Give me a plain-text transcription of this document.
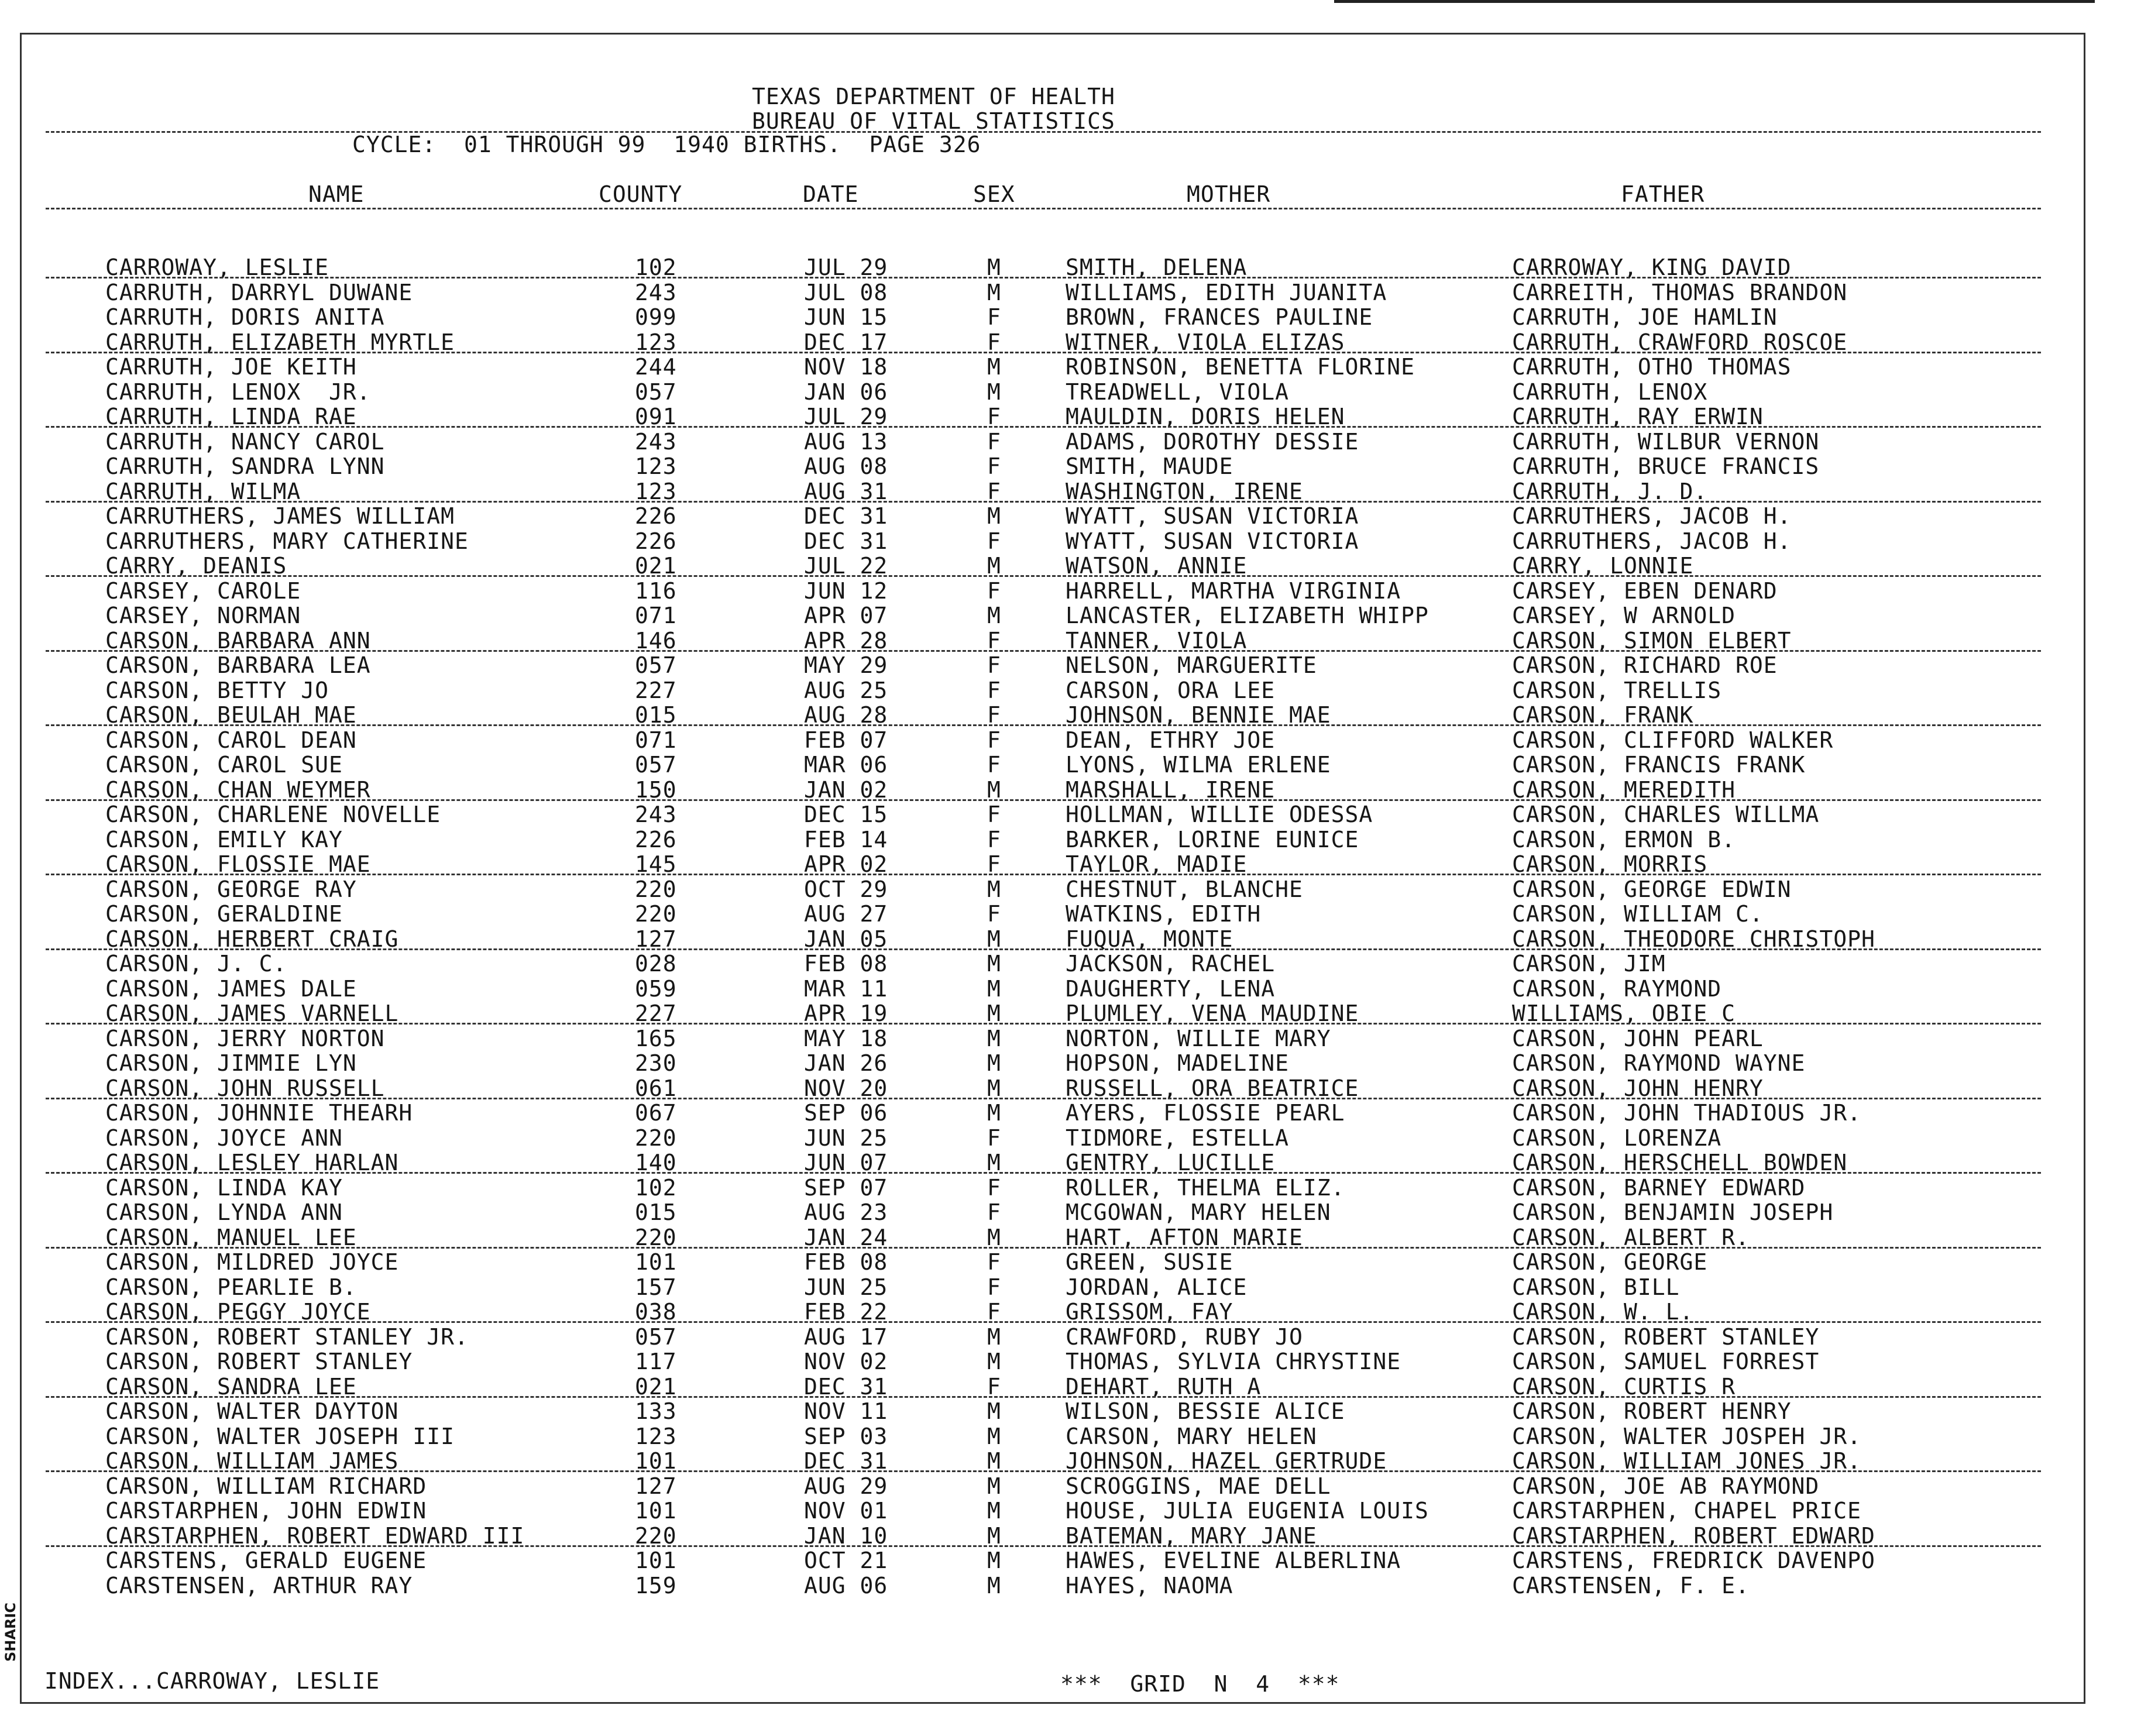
SHARIC
TEXAS DEPARTMENT OF HEALTH
BUREAU OF VITAL STATISTICS
CYCLE:  01 THROUGH 99  1940 BIRTHS.  PAGE 326
NAME	COUNTY	DATE	SEX	MOTHER	FATHER
CARROWAY, LESLIE	102	JUL 29	M	SMITH, DELENA	CARROWAY, KING DAVID
CARRUTH, DARRYL DUWANE	243	JUL 08	M	WILLIAMS, EDITH JUANITA	CARREITH, THOMAS BRANDON
CARRUTH, DORIS ANITA	099	JUN 15	F	BROWN, FRANCES PAULINE	CARRUTH, JOE HAMLIN
CARRUTH, ELIZABETH MYRTLE	123	DEC 17	F	WITNER, VIOLA ELIZAS	CARRUTH, CRAWFORD ROSCOE
CARRUTH, JOE KEITH	244	NOV 18	M	ROBINSON, BENETTA FLORINE	CARRUTH, OTHO THOMAS
CARRUTH, LENOX  JR.	057	JAN 06	M	TREADWELL, VIOLA	CARRUTH, LENOX
CARRUTH, LINDA RAE	091	JUL 29	F	MAULDIN, DORIS HELEN	CARRUTH, RAY ERWIN
CARRUTH, NANCY CAROL	243	AUG 13	F	ADAMS, DOROTHY DESSIE	CARRUTH, WILBUR VERNON
CARRUTH, SANDRA LYNN	123	AUG 08	F	SMITH, MAUDE	CARRUTH, BRUCE FRANCIS
CARRUTH, WILMA	123	AUG 31	F	WASHINGTON, IRENE	CARRUTH, J. D.
CARRUTHERS, JAMES WILLIAM	226	DEC 31	M	WYATT, SUSAN VICTORIA	CARRUTHERS, JACOB H.
CARRUTHERS, MARY CATHERINE	226	DEC 31	F	WYATT, SUSAN VICTORIA	CARRUTHERS, JACOB H.
CARRY, DEANIS	021	JUL 22	M	WATSON, ANNIE	CARRY, LONNIE
CARSEY, CAROLE	116	JUN 12	F	HARRELL, MARTHA VIRGINIA	CARSEY, EBEN DENARD
CARSEY, NORMAN	071	APR 07	M	LANCASTER, ELIZABETH WHIPP	CARSEY, W ARNOLD
CARSON, BARBARA ANN	146	APR 28	F	TANNER, VIOLA	CARSON, SIMON ELBERT
CARSON, BARBARA LEA	057	MAY 29	F	NELSON, MARGUERITE	CARSON, RICHARD ROE
CARSON, BETTY JO	227	AUG 25	F	CARSON, ORA LEE	CARSON, TRELLIS
CARSON, BEULAH MAE	015	AUG 28	F	JOHNSON, BENNIE MAE	CARSON, FRANK
CARSON, CAROL DEAN	071	FEB 07	F	DEAN, ETHRY JOE	CARSON, CLIFFORD WALKER
CARSON, CAROL SUE	057	MAR 06	F	LYONS, WILMA ERLENE	CARSON, FRANCIS FRANK
CARSON, CHAN WEYMER	150	JAN 02	M	MARSHALL, IRENE	CARSON, MEREDITH
CARSON, CHARLENE NOVELLE	243	DEC 15	F	HOLLMAN, WILLIE ODESSA	CARSON, CHARLES WILLMA
CARSON, EMILY KAY	226	FEB 14	F	BARKER, LORINE EUNICE	CARSON, ERMON B.
CARSON, FLOSSIE MAE	145	APR 02	F	TAYLOR, MADIE	CARSON, MORRIS
CARSON, GEORGE RAY	220	OCT 29	M	CHESTNUT, BLANCHE	CARSON, GEORGE EDWIN
CARSON, GERALDINE	220	AUG 27	F	WATKINS, EDITH	CARSON, WILLIAM C.
CARSON, HERBERT CRAIG	127	JAN 05	M	FUQUA, MONTE	CARSON, THEODORE CHRISTOPH
CARSON, J. C.	028	FEB 08	M	JACKSON, RACHEL	CARSON, JIM
CARSON, JAMES DALE	059	MAR 11	M	DAUGHERTY, LENA	CARSON, RAYMOND
CARSON, JAMES VARNELL	227	APR 19	M	PLUMLEY, VENA MAUDINE	WILLIAMS, OBIE C
CARSON, JERRY NORTON	165	MAY 18	M	NORTON, WILLIE MARY	CARSON, JOHN PEARL
CARSON, JIMMIE LYN	230	JAN 26	M	HOPSON, MADELINE	CARSON, RAYMOND WAYNE
CARSON, JOHN RUSSELL	061	NOV 20	M	RUSSELL, ORA BEATRICE	CARSON, JOHN HENRY
CARSON, JOHNNIE THEARH	067	SEP 06	M	AYERS, FLOSSIE PEARL	CARSON, JOHN THADIOUS JR.
CARSON, JOYCE ANN	220	JUN 25	F	TIDMORE, ESTELLA	CARSON, LORENZA
CARSON, LESLEY HARLAN	140	JUN 07	M	GENTRY, LUCILLE	CARSON, HERSCHELL BOWDEN
CARSON, LINDA KAY	102	SEP 07	F	ROLLER, THELMA ELIZ.	CARSON, BARNEY EDWARD
CARSON, LYNDA ANN	015	AUG 23	F	MCGOWAN, MARY HELEN	CARSON, BENJAMIN JOSEPH
CARSON, MANUEL LEE	220	JAN 24	M	HART, AFTON MARIE	CARSON, ALBERT R.
CARSON, MILDRED JOYCE	101	FEB 08	F	GREEN, SUSIE	CARSON, GEORGE
CARSON, PEARLIE B.	157	JUN 25	F	JORDAN, ALICE	CARSON, BILL
CARSON, PEGGY JOYCE	038	FEB 22	F	GRISSOM, FAY	CARSON, W. L.
CARSON, ROBERT STANLEY JR.	057	AUG 17	M	CRAWFORD, RUBY JO	CARSON, ROBERT STANLEY
CARSON, ROBERT STANLEY	117	NOV 02	M	THOMAS, SYLVIA CHRYSTINE	CARSON, SAMUEL FORREST
CARSON, SANDRA LEE	021	DEC 31	F	DEHART, RUTH A	CARSON, CURTIS R
CARSON, WALTER DAYTON	133	NOV 11	M	WILSON, BESSIE ALICE	CARSON, ROBERT HENRY
CARSON, WALTER JOSEPH III	123	SEP 03	M	CARSON, MARY HELEN	CARSON, WALTER JOSPEH JR.
CARSON, WILLIAM JAMES	101	DEC 31	M	JOHNSON, HAZEL GERTRUDE	CARSON, WILLIAM JONES JR.
CARSON, WILLIAM RICHARD	127	AUG 29	M	SCROGGINS, MAE DELL	CARSON, JOE AB RAYMOND
CARSTARPHEN, JOHN EDWIN	101	NOV 01	M	HOUSE, JULIA EUGENIA LOUIS	CARSTARPHEN, CHAPEL PRICE
CARSTARPHEN, ROBERT EDWARD III	220	JAN 10	M	BATEMAN, MARY JANE	CARSTARPHEN, ROBERT EDWARD
CARSTENS, GERALD EUGENE	101	OCT 21	M	HAWES, EVELINE ALBERLINA	CARSTENS, FREDRICK DAVENPO
CARSTENSEN, ARTHUR RAY	159	AUG 06	M	HAYES, NAOMA	CARSTENSEN, F. E.
INDEX...CARROWAY, LESLIE	***  GRID  N  4  ***
